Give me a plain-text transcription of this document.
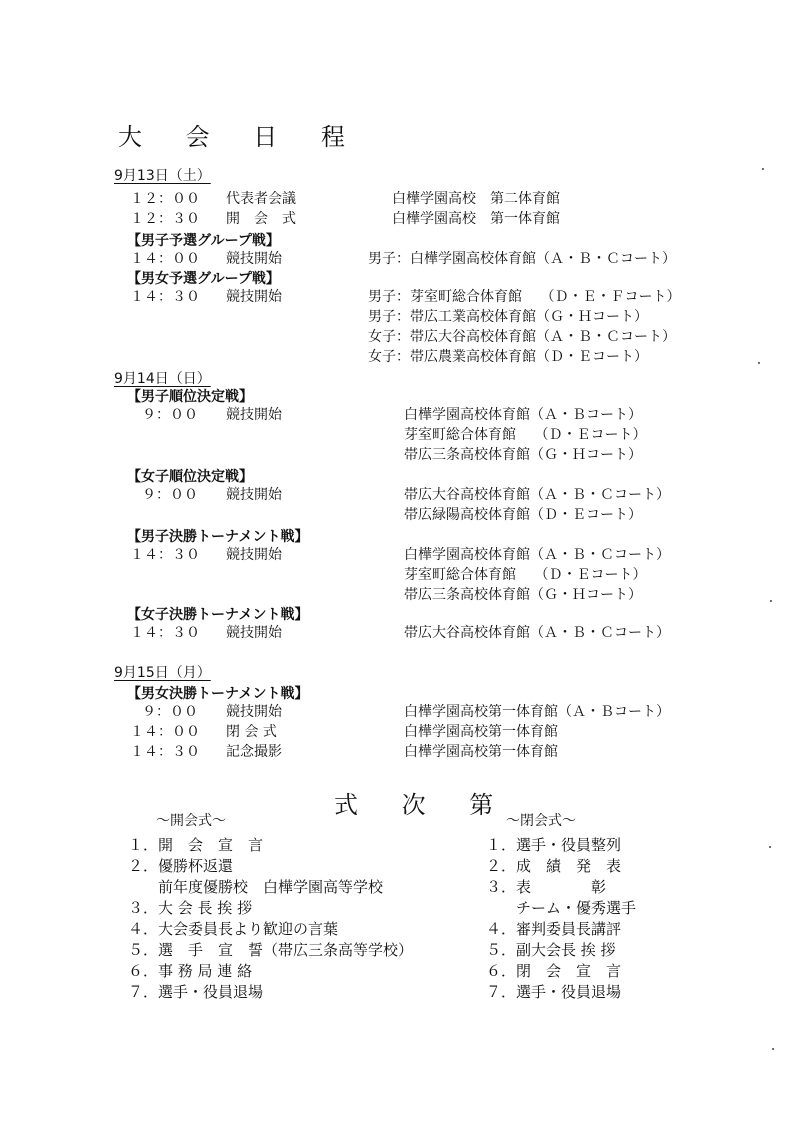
大 会 日 程
9月13日（土）
１２：００ 代表者会議	白樺学園高校　第二体育館
１２：３０ 開　会　式	白樺学園高校　第一体育館
【男子予選グループ戦】
１４：００ 競技開始	男子：白樺学園高校体育館（Ａ・Ｂ・Ｃコート）
【男女予選グループ戦】
１４：３０ 競技開始	男子：芽室町総合体育館　 （Ｄ・Ｅ・Ｆコート）
男子：帯広工業高校体育館（Ｇ・Ｈコート）
女子：帯広大谷高校体育館（Ａ・Ｂ・Ｃコート）
女子：帯広農業高校体育館（Ｄ・Ｅコート）
9月14日（日）
【男子順位決定戦】
９：００ 競技開始	白樺学園高校体育館（Ａ・Ｂコート）
芽室町総合体育館　 （Ｄ・Ｅコート）
帯広三条高校体育館（Ｇ・Ｈコート）
【女子順位決定戦】
９：００ 競技開始	帯広大谷高校体育館（Ａ・Ｂ・Ｃコート）
帯広緑陽高校体育館（Ｄ・Ｅコート）
【男子決勝トーナメント戦】
１４：３０ 競技開始	白樺学園高校体育館（Ａ・Ｂ・Ｃコート）
芽室町総合体育館　 （Ｄ・Ｅコート）
帯広三条高校体育館（Ｇ・Ｈコート）
【女子決勝トーナメント戦】
１４：３０ 競技開始	帯広大谷高校体育館（Ａ・Ｂ・Ｃコート）
9月15日（月）
【男女決勝トーナメント戦】
９：００ 競技開始	白樺学園高校第一体育館（Ａ・Ｂコート）
１４：００ 閉 会 式	白樺学園高校第一体育館
１４：３０ 記念撮影	白樺学園高校第一体育館
式 次 第
～開会式～
１．開　会　宣　言
２．優勝杯返還
　　前年度優勝校　白樺学園高等学校
３．大 会 長 挨 拶
４．大会委員長より歓迎の言葉
５．選　手　宣　誓（帯広三条高等学校）
６．事 務 局 連 絡
７．選手・役員退場
～閉会式～
１．選手・役員整列
２．成　績　発　表
３．表　　　　彰
　　チーム・優秀選手
４．審判委員長講評
５．副大会長 挨 拶
６．閉　会　宣　言
７．選手・役員退場
